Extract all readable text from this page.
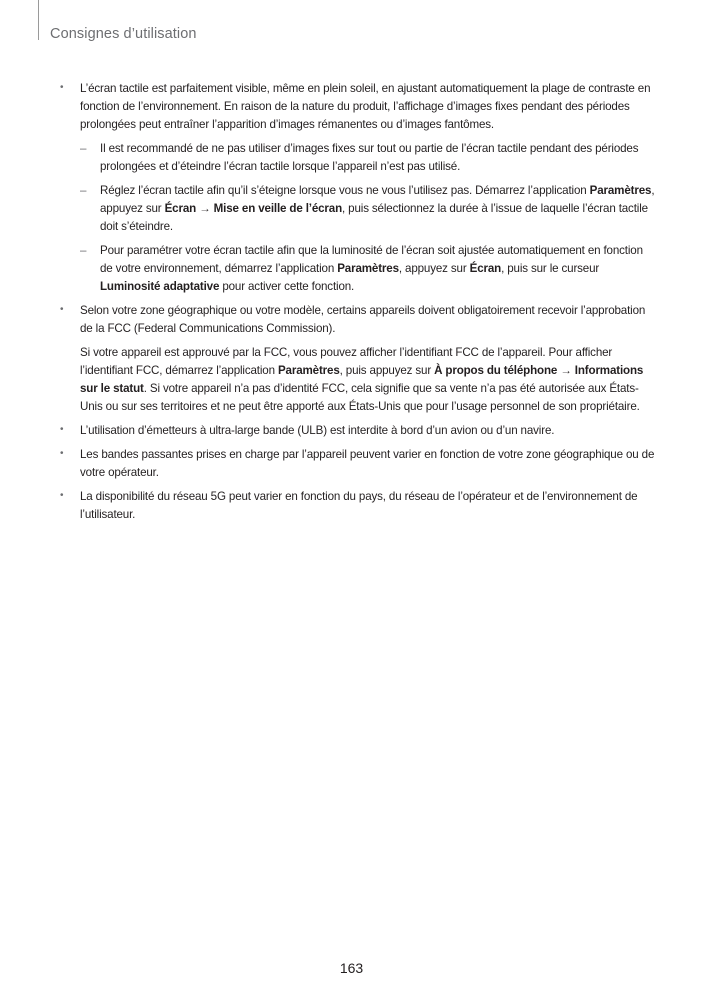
Consignes d’utilisation
•	L’écran tactile est parfaitement visible, même en plein soleil, en ajustant automatiquement la plage de contraste en fonction de l’environnement. En raison de la nature du produit, l’affichage d’images fixes pendant des périodes prolongées peut entraîner l’apparition d’images rémanentes ou d’images fantômes.

–	Il est recommandé de ne pas utiliser d’images fixes sur tout ou partie de l’écran tactile pendant des périodes prolongées et d’éteindre l’écran tactile lorsque l’appareil n’est pas utilisé.
–	Réglez l’écran tactile afin qu’il s’éteigne lorsque vous ne vous l’utilisez pas. Démarrez l’application Paramètres, appuyez sur Écran → Mise en veille de l’écran, puis sélectionnez la durée à l’issue de laquelle l’écran tactile doit s’éteindre.
–	Pour paramétrer votre écran tactile afin que la luminosité de l’écran soit ajustée automatiquement en fonction de votre environnement, démarrez l’application Paramètres, appuyez sur Écran, puis sur le curseur Luminosité adaptative pour activer cette fonction.
•	Selon votre zone géographique ou votre modèle, certains appareils doivent obligatoirement recevoir l’approbation de la FCC (Federal Communications Commission).

Si votre appareil est approuvé par la FCC, vous pouvez afficher l’identifiant FCC de l’appareil. Pour afficher l’identifiant FCC, démarrez l’application Paramètres, puis appuyez sur À propos du téléphone → Informations sur le statut. Si votre appareil n’a pas d’identité FCC, cela signifie que sa vente n’a pas été autorisée aux États-Unis ou sur ses territoires et ne peut être apporté aux États-Unis que pour l’usage personnel de son propriétaire.

•	L’utilisation d’émetteurs à ultra-large bande (ULB) est interdite à bord d’un avion ou d’un navire.

•	Les bandes passantes prises en charge par l’appareil peuvent varier en fonction de votre zone géographique ou de votre opérateur.

•	La disponibilité du réseau 5G peut varier en fonction du pays, du réseau de l’opérateur et de l’environnement de l’utilisateur.

163
